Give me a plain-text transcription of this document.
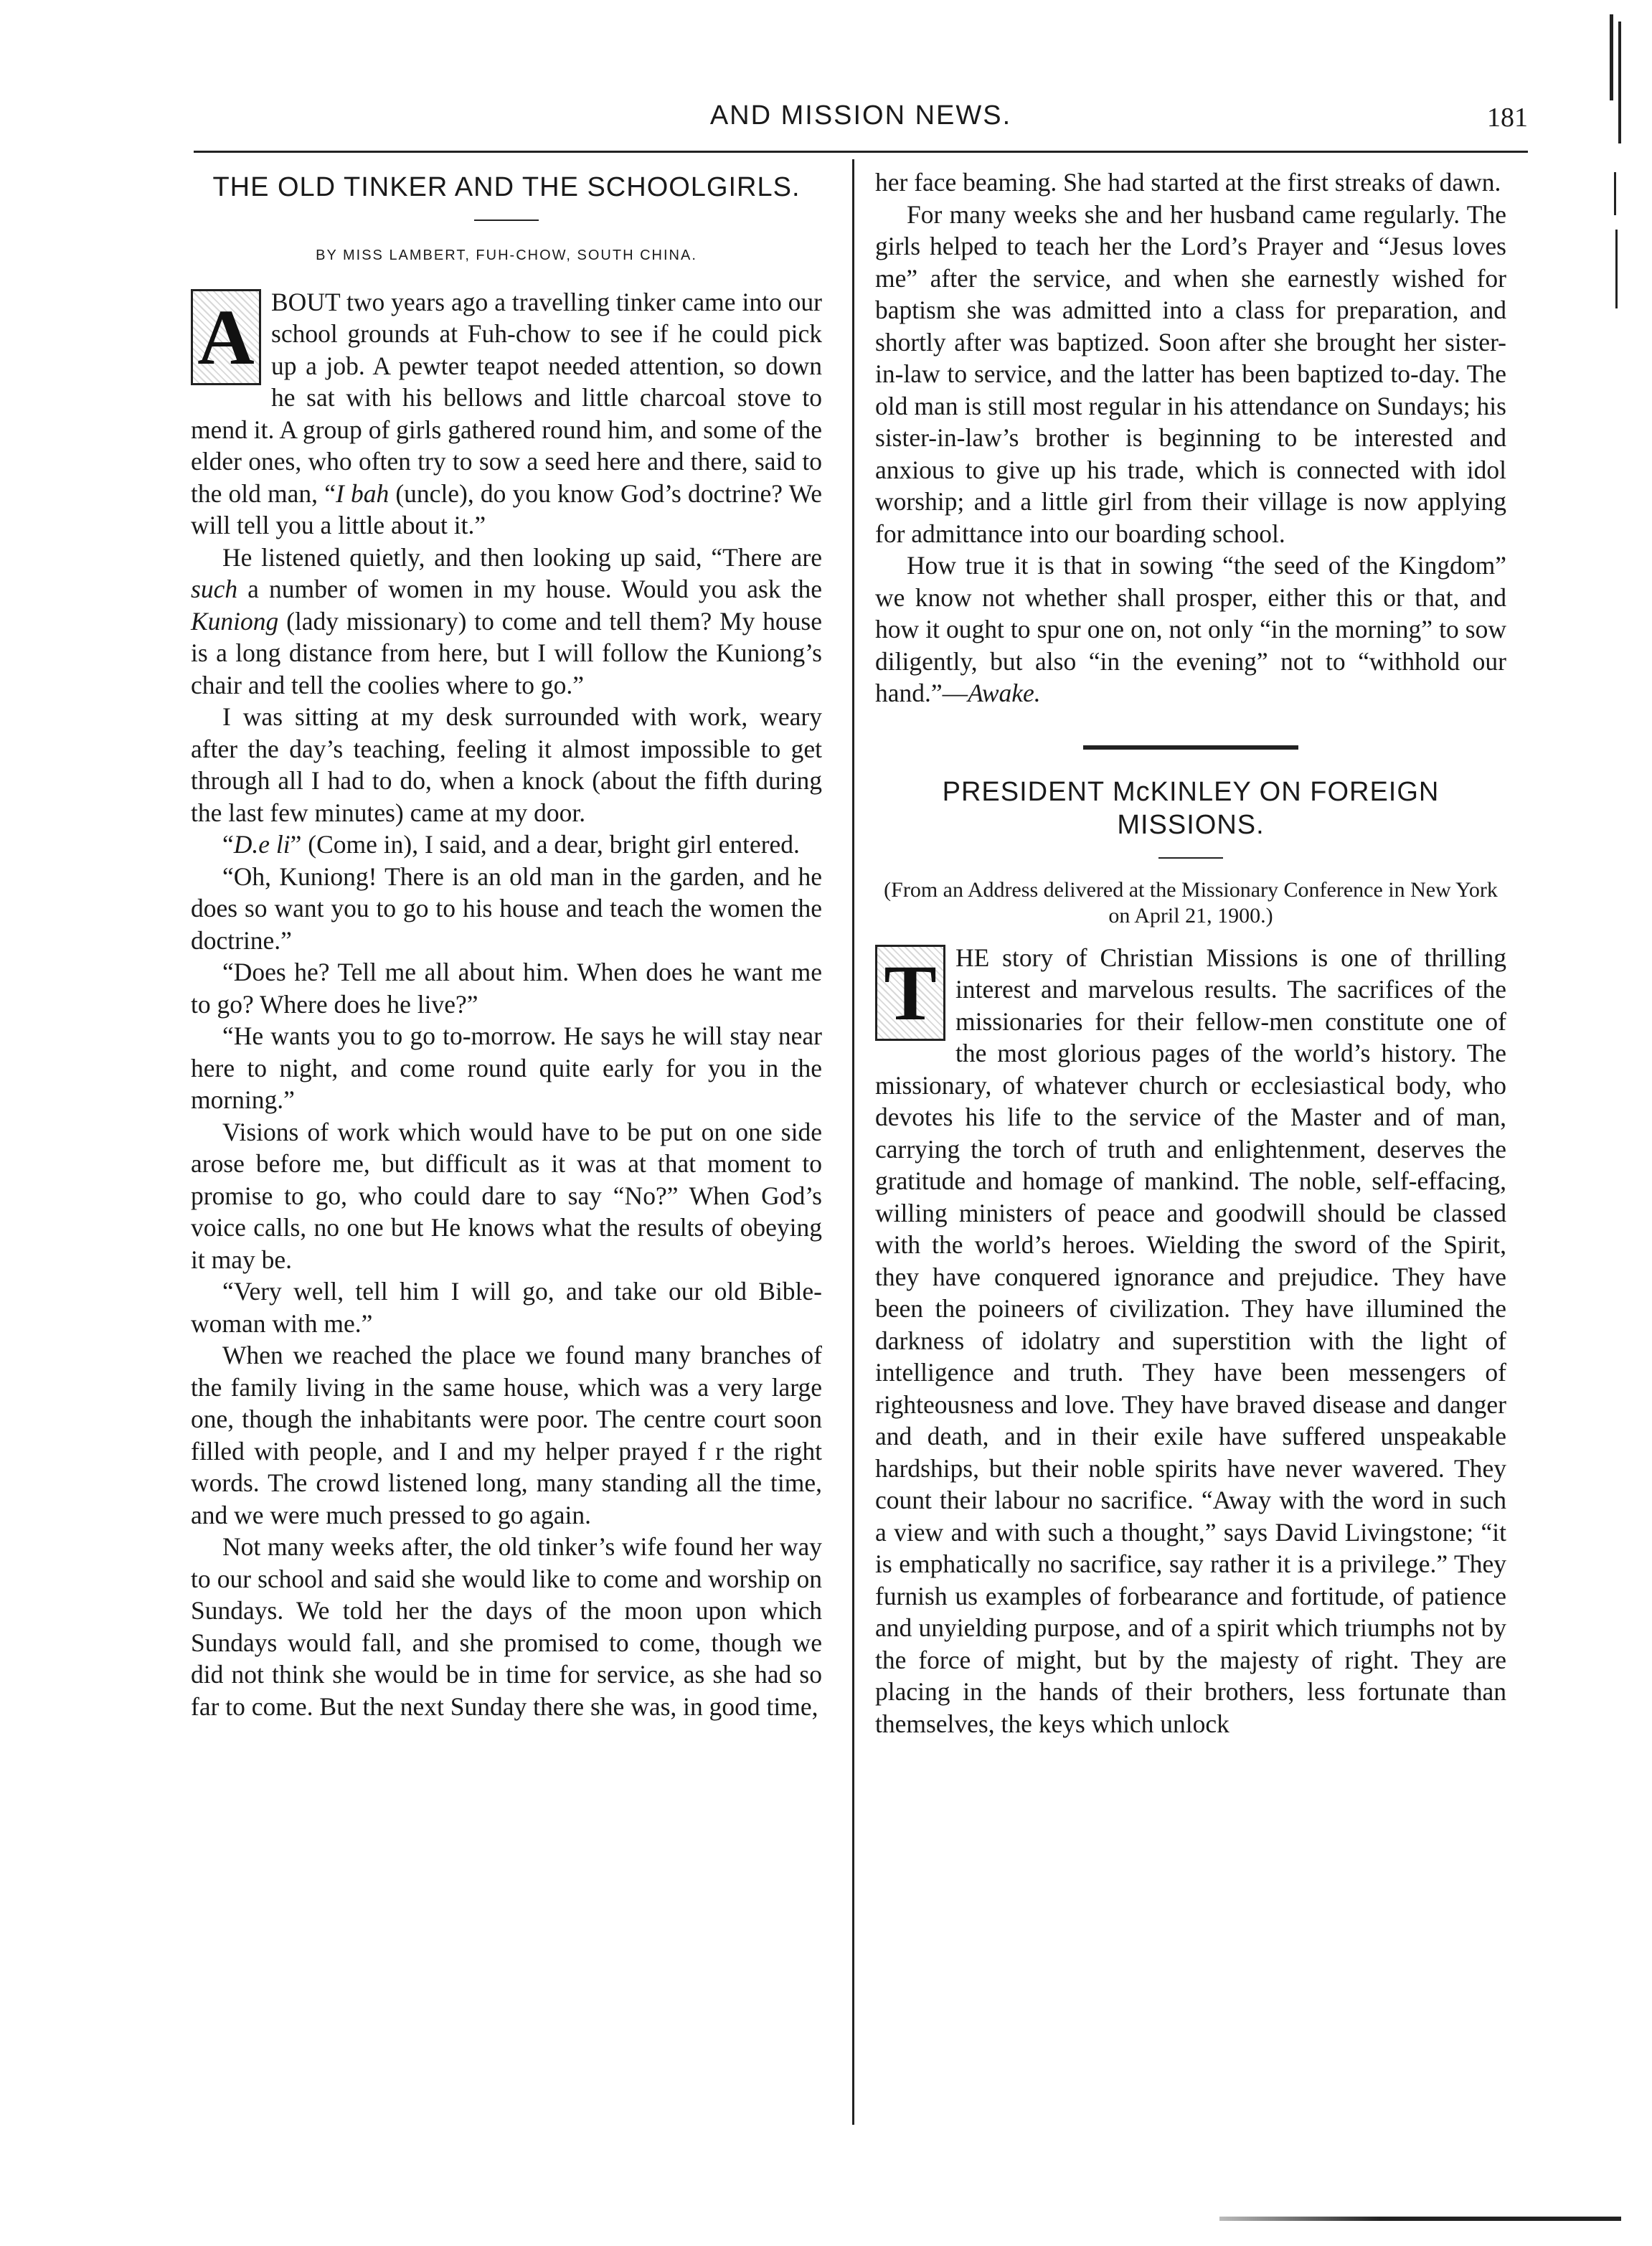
AND MISSION NEWS.	181
THE OLD TINKER AND THE SCHOOLGIRLS.
BY MISS LAMBERT, FUH-CHOW, SOUTH CHINA.

A BOUT two years ago a travelling tinker came into our school grounds at Fuh-chow to see if he could pick up a job. A pewter teapot needed attention, so down he sat with his bellows and little charcoal stove to mend it. A group of girls gathered round him, and some of the elder ones, who often try to sow a seed here and there, said to the old man, “I bah (uncle), do you know God’s doctrine? We will tell you a little about it.”

He listened quietly, and then looking up said, “There are such a number of women in my house. Would you ask the Kuniong (lady missionary) to come and tell them? My house is a long distance from here, but I will follow the Kuniong’s chair and tell the coolies where to go.”

I was sitting at my desk surrounded with work, weary after the day’s teaching, feeling it almost impossible to get through all I had to do, when a knock (about the fifth during the last few minutes) came at my door.

“D.e li” (Come in), I said, and a dear, bright girl entered.

“Oh, Kuniong! There is an old man in the garden, and he does so want you to go to his house and teach the women the doctrine.”

“Does he? Tell me all about him. When does he want me to go? Where does he live?”

“He wants you to go to-morrow. He says he will stay near here to night, and come round quite early for you in the morning.”

Visions of work which would have to be put on one side arose before me, but difficult as it was at that moment to promise to go, who could dare to say “No?” When God’s voice calls, no one but He knows what the results of obeying it may be.

“Very well, tell him I will go, and take our old Bible-woman with me.”

When we reached the place we found many branches of the family living in the same house, which was a very large one, though the inhabitants were poor. The centre court soon filled with people, and I and my helper prayed f r the right words. The crowd listened long, many standing all the time, and we were much pressed to go again.

Not many weeks after, the old tinker’s wife found her way to our school and said she would like to come and worship on Sundays. We told her the days of the moon upon which Sundays would fall, and she promised to come, though we did not think she would be in time for service, as she had so far to come. But the next Sunday there she was, in good time,

her face beaming. She had started at the first streaks of dawn.

For many weeks she and her husband came regularly. The girls helped to teach her the Lord’s Prayer and “Jesus loves me” after the service, and when she earnestly wished for baptism she was admitted into a class for preparation, and shortly after was baptized. Soon after she brought her sister-in-law to service, and the latter has been baptized to-day. The old man is still most regular in his attendance on Sundays; his sister-in-law’s brother is beginning to be interested and anxious to give up his trade, which is connected with idol worship; and a little girl from their village is now applying for admittance into our boarding school.

How true it is that in sowing “the seed of the Kingdom” we know not whether shall prosper, either this or that, and how it ought to spur one on, not only “in the morning” to sow diligently, but also “in the evening” not to “withhold our hand.”—Awake.

PRESIDENT McKINLEY ON FOREIGN MISSIONS.
(From an Address delivered at the Missionary Conference in New York on April 21, 1900.)

T HE story of Christian Missions is one of thrilling interest and marvelous results. The sacrifices of the missionaries for their fellow-men constitute one of the most glorious pages of the world’s history. The missionary, of whatever church or ecclesiastical body, who devotes his life to the service of the Master and of man, carrying the torch of truth and enlightenment, deserves the gratitude and homage of mankind. The noble, self-effacing, willing ministers of peace and goodwill should be classed with the world’s heroes. Wielding the sword of the Spirit, they have conquered ignorance and prejudice. They have been the poineers of civilization. They have illumined the darkness of idolatry and superstition with the light of intelligence and truth. They have been messengers of righteousness and love. They have braved disease and danger and death, and in their exile have suffered unspeakable hardships, but their noble spirits have never wavered. They count their labour no sacrifice. “Away with the word in such a view and with such a thought,” says David Livingstone; “it is emphatically no sacrifice, say rather it is a privilege.” They furnish us examples of forbearance and fortitude, of patience and unyielding purpose, and of a spirit which triumphs not by the force of might, but by the majesty of right. They are placing in the hands of their brothers, less fortunate than themselves, the keys which unlock
